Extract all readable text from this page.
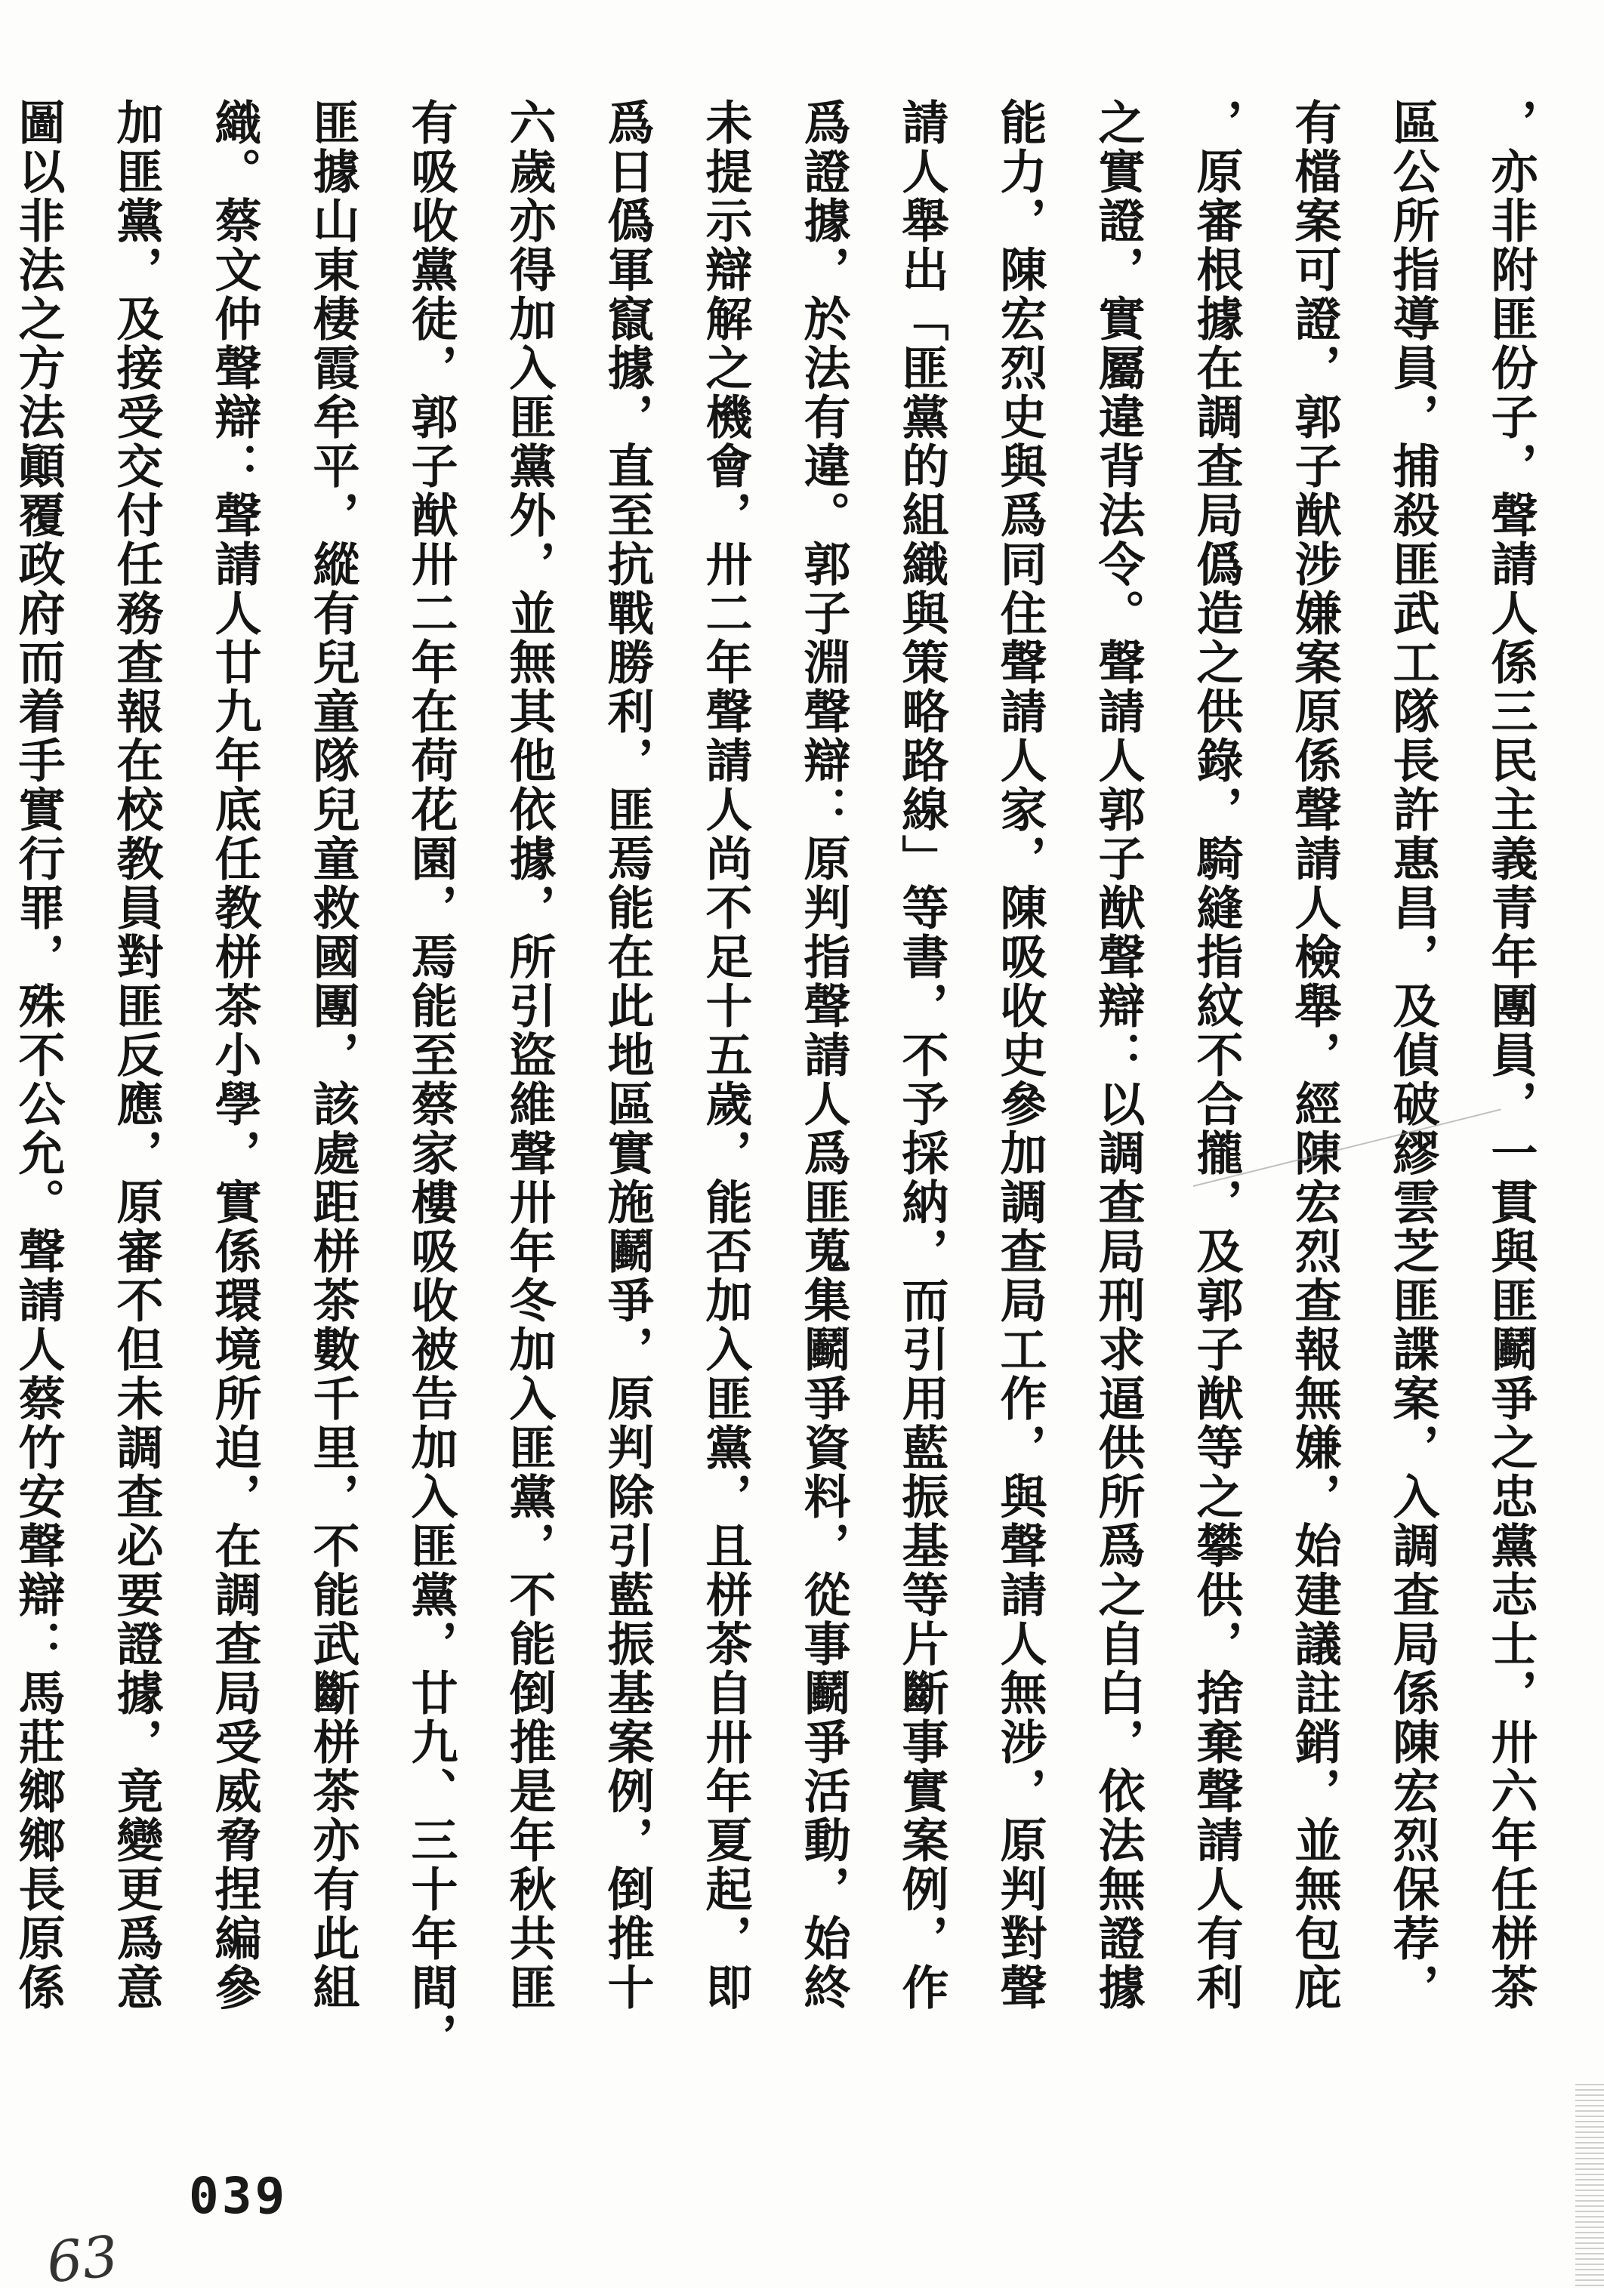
，亦非附匪份子，聲請人係三民主義青年團員，一貫與匪鬬爭之忠黨志士，卅六年任栟茶
區公所指導員，捕殺匪武工隊長許惠昌，及偵破繆雲芝匪諜案，入調查局係陳宏烈保荐，
有檔案可證，郭子猷涉嫌案原係聲請人檢舉，經陳宏烈查報無嫌，始建議註銷，並無包庇
，原審根據在調查局僞造之供錄，騎縫指紋不合攏，及郭子猷等之攀供，捨棄聲請人有利
之實證，實屬違背法令。聲請人郭子猷聲辯：以調查局刑求逼供所爲之自白，依法無證據
能力，陳宏烈史與爲同住聲請人家，陳吸收史參加調查局工作，與聲請人無涉，原判對聲
請人舉出「匪黨的組織與策略路線」等書，不予採納，而引用藍振基等片斷事實案例，作
爲證據，於法有違。郭子淵聲辯：原判指聲請人爲匪蒐集鬬爭資料，從事鬬爭活動，始終
未提示辯解之機會，卅二年聲請人尚不足十五歲，能否加入匪黨，且栟茶自卅年夏起，即
爲日僞軍竄據，直至抗戰勝利，匪焉能在此地區實施鬬爭，原判除引藍振基案例，倒推十
六歲亦得加入匪黨外，並無其他依據，所引盜維聲卅年冬加入匪黨，不能倒推是年秋共匪
有吸收黨徒，郭子猷卅二年在荷花園，焉能至蔡家樓吸收被告加入匪黨，廿九、三十年間，
匪據山東棲霞牟平，縱有兒童隊兒童救國團，該處距栟茶數千里，不能武斷栟茶亦有此組
織。蔡文仲聲辯：聲請人廿九年底任教栟茶小學，實係環境所迫，在調查局受威脅捏編參
加匪黨，及接受交付任務查報在校教員對匪反應，原審不但未調查必要證據，竟變更爲意
圖以非法之方法顚覆政府而着手實行罪，殊不公允。聲請人蔡竹安聲辯：馬莊鄉鄉長原係
039
63
